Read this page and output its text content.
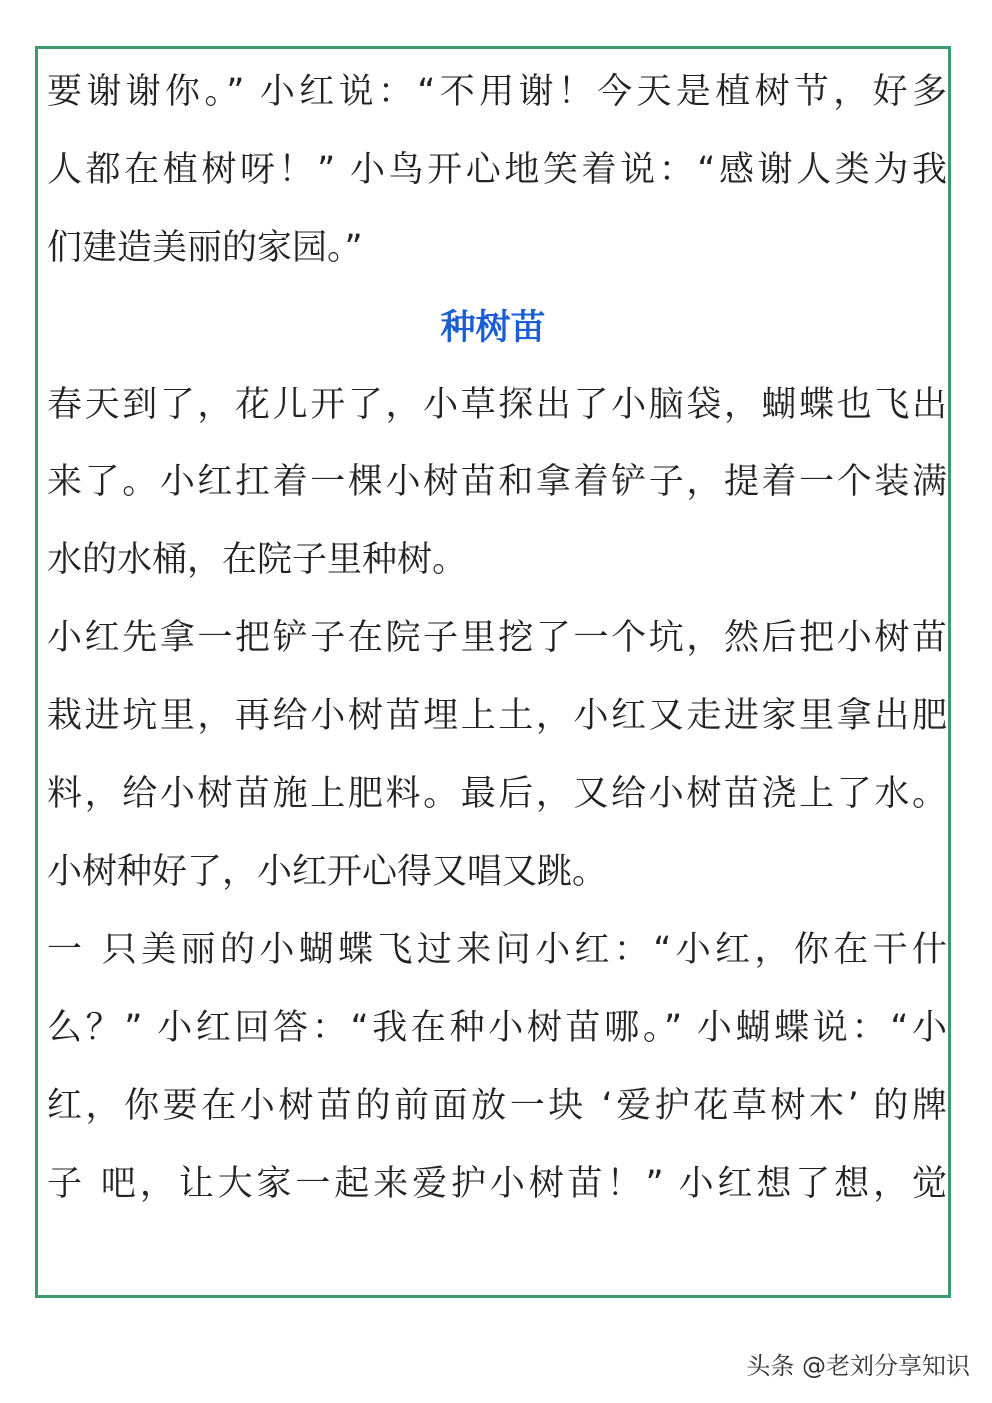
要谢谢你。” 小红说：“不用谢！今天是植树节，好多
人都在植树呀！” 小鸟开心地笑着说：“感谢人类为我
们建造美丽的家园。”
种树苗
春天到了，花儿开了，小草探出了小脑袋，蝴蝶也飞出
来了。小红扛着一棵小树苗和拿着铲子，提着一个装满
水的水桶，在院子里种树。
小红先拿一把铲子在院子里挖了一个坑，然后把小树苗
栽进坑里，再给小树苗埋上土，小红又走进家里拿出肥
料，给小树苗施上肥料。最后，又给小树苗浇上了水。
小树种好了，小红开心得又唱又跳。
一 只美丽的小蝴蝶飞过来问小红：“小红，你在干什
么？” 小红回答：“我在种小树苗哪。” 小蝴蝶说：“小
红，你要在小树苗的前面放一块 ‘爱护花草树木’ 的牌
子 吧，让大家一起来爱护小树苗！” 小红想了想，觉
头条 @老刘分享知识
